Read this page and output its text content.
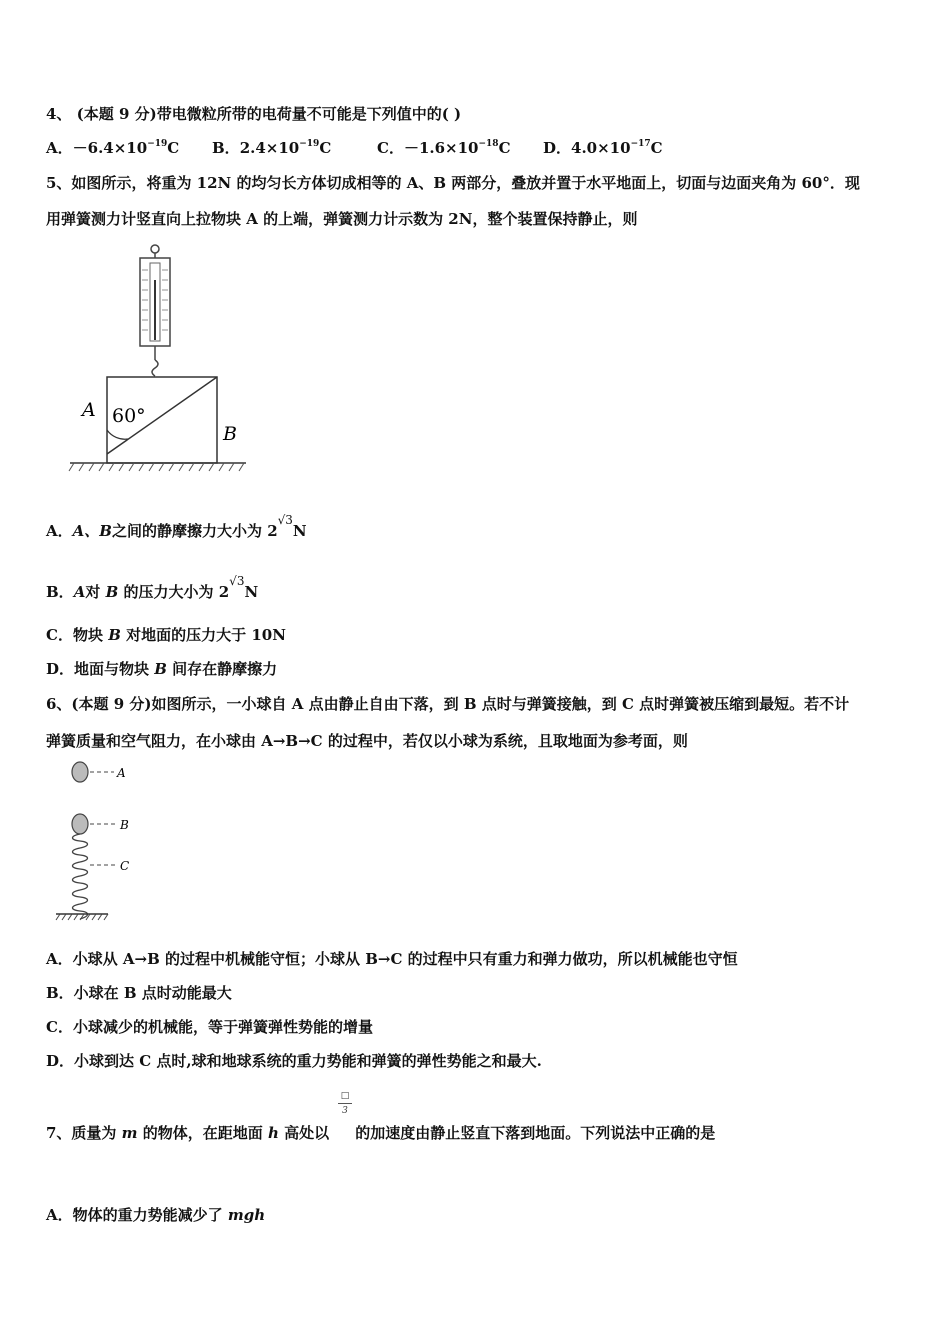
4、 (本题 9 分)带电微粒所带的电荷量不可能是下列值中的( )
A．$-6.4\times 10^{-19}C$ B．$2.4\times 10^{-19}C$	C．$-1.6\times 10^{-18}C$ D．$4.0\times 10^{-17}C$
5、如图所示，将重为 12N 的均匀长方体切成相等的 A、B 两部分，叠放并置于水平地面上，切面与边面夹角为 60°．现
用弹簧测力计竖直向上拉物块 A 的上端，弹簧测力计示数为 2N，整个装置保持静止，则
60°
A
B
A．A、B之间的静摩擦力大小为 $2^{√3}N$
B．A对 B 的压力大小为 $2^{√3}N$
C．物块 B 对地面的压力大于 10N
D．地面与物块 B 间存在静摩擦力
6、(本题 9 分)如图所示，一小球自 A 点由静止自由下落，到 B 点时与弹簧接触，到 C 点时弹簧被压缩到最短。若不计
弹簧质量和空气阻力，在小球由 A→B→C 的过程中，若仅以小球为系统，且取地面为参考面，则
A
B
C
A．小球从 A→B 的过程中机械能守恒；小球从 B→C 的过程中只有重力和弹力做功，所以机械能也守恒
B．小球在 B 点时动能最大
C．小球减少的机械能，等于弹簧弹性势能的增量
D．小球到达 C 点时,球和地球系统的重力势能和弹簧的弹性势能之和最大.
7、质量为 m 的物体，在距地面 h 高处以 的加速度由静止竖直下落到地面。下列说法中正确的是
□
3
A．物体的重力势能减少了 mgh
